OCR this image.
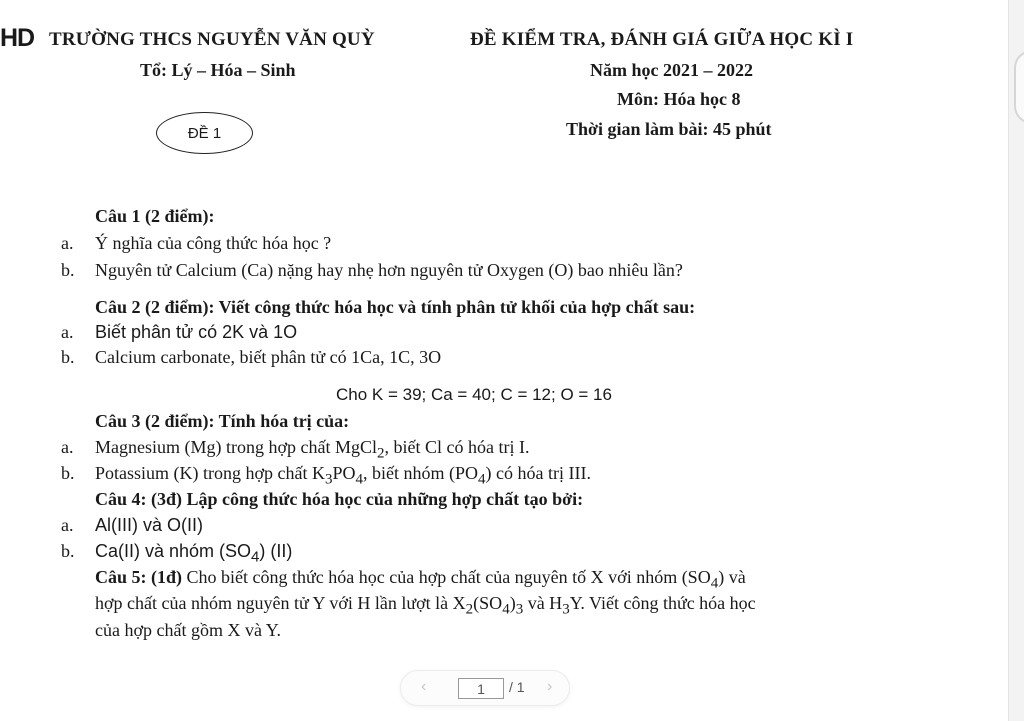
HD TRƯỜNG THCS NGUYỄN VĂN QUỲ	ĐỀ KIỂM TRA, ĐÁNH GIÁ GIỮA HỌC KÌ I
Tổ: Lý – Hóa – Sinh	Năm học 2021 – 2022
Môn: Hóa học 8
Thời gian làm bài: 45 phút
ĐỀ 1
Câu 1 (2 điểm):
a. Ý nghĩa của công thức hóa học ?
b. Nguyên tử Calcium (Ca) nặng hay nhẹ hơn nguyên tử Oxygen (O) bao nhiêu lần?
Câu 2 (2 điểm): Viết công thức hóa học và tính phân tử khối của hợp chất sau:
a. Biết phân tử có 2K và 1O
b. Calcium carbonate, biết phân tử có 1Ca, 1C, 3O
Cho K = 39; Ca = 40; C = 12; O = 16
Câu 3 (2 điểm): Tính hóa trị của:
a. Magnesium (Mg) trong hợp chất MgCl$_2$, biết Cl có hóa trị I.
b. Potassium (K) trong hợp chất $K_3PO_4$, biết nhóm $(PO_4)$ có hóa trị III.
Câu 4: (3đ) Lập công thức hóa học của những hợp chất tạo bởi:
a. Al(III) và O(II)
b. Ca(II) và nhóm $(SO_4)$ (II)
Câu 5: (1đ) Cho biết công thức hóa học của hợp chất của nguyên tố X với nhóm $(SO_4)$ và
hợp chất của nhóm nguyên tử Y với H lần lượt là $X_2(SO_4)_3$ và $H_3Y$. Viết công thức hóa học
của hợp chất gồm X và Y.
‹	1 / 1 ›
